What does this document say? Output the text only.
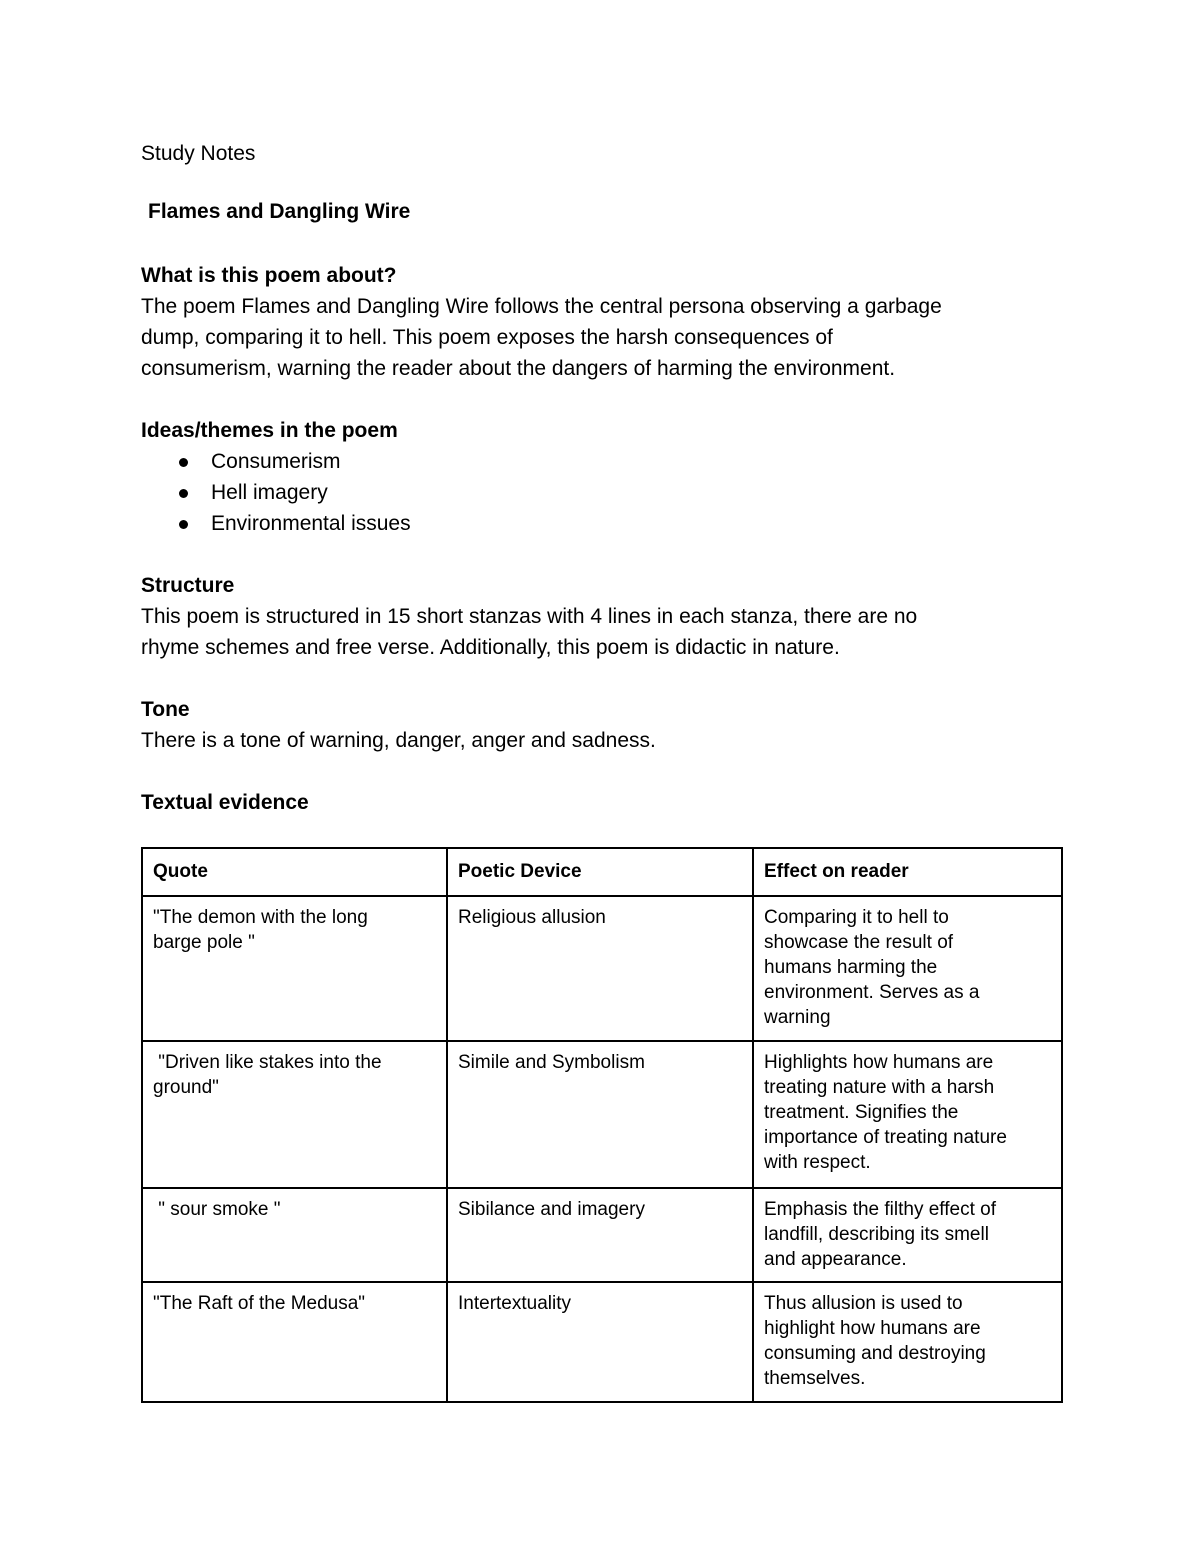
Study Notes
Flames and Dangling Wire

What is this poem about?

The poem Flames and Dangling Wire follows the central persona observing a garbage
dump, comparing it to hell. This poem exposes the harsh consequences of
consumerism, warning the reader about the dangers of harming the environment.

Ideas/themes in the poem

Consumerism
Hell imagery
Environmental issues

Structure

This poem is structured in 15 short stanzas with 4 lines in each stanza, there are no
rhyme schemes and free verse. Additionally, this poem is didactic in nature.

Tone

There is a tone of warning, danger, anger and sadness.

Textual evidence

Quote	Poetic Device	Effect on reader

"The demon with the long
barge pole "	Religious allusion	Comparing it to hell to
showcase the result of
humans harming the
environment. Serves as a
warning

"Driven like stakes into the
ground"	Simile and Symbolism	Highlights how humans are
treating nature with a harsh
treatment. Signifies the
importance of treating nature
with respect.

" sour smoke "	Sibilance and imagery	Emphasis the filthy effect of
landfill, describing its smell
and appearance.

"The Raft of the Medusa"	Intertextuality	Thus allusion is used to
highlight how humans are
consuming and destroying
themselves.
